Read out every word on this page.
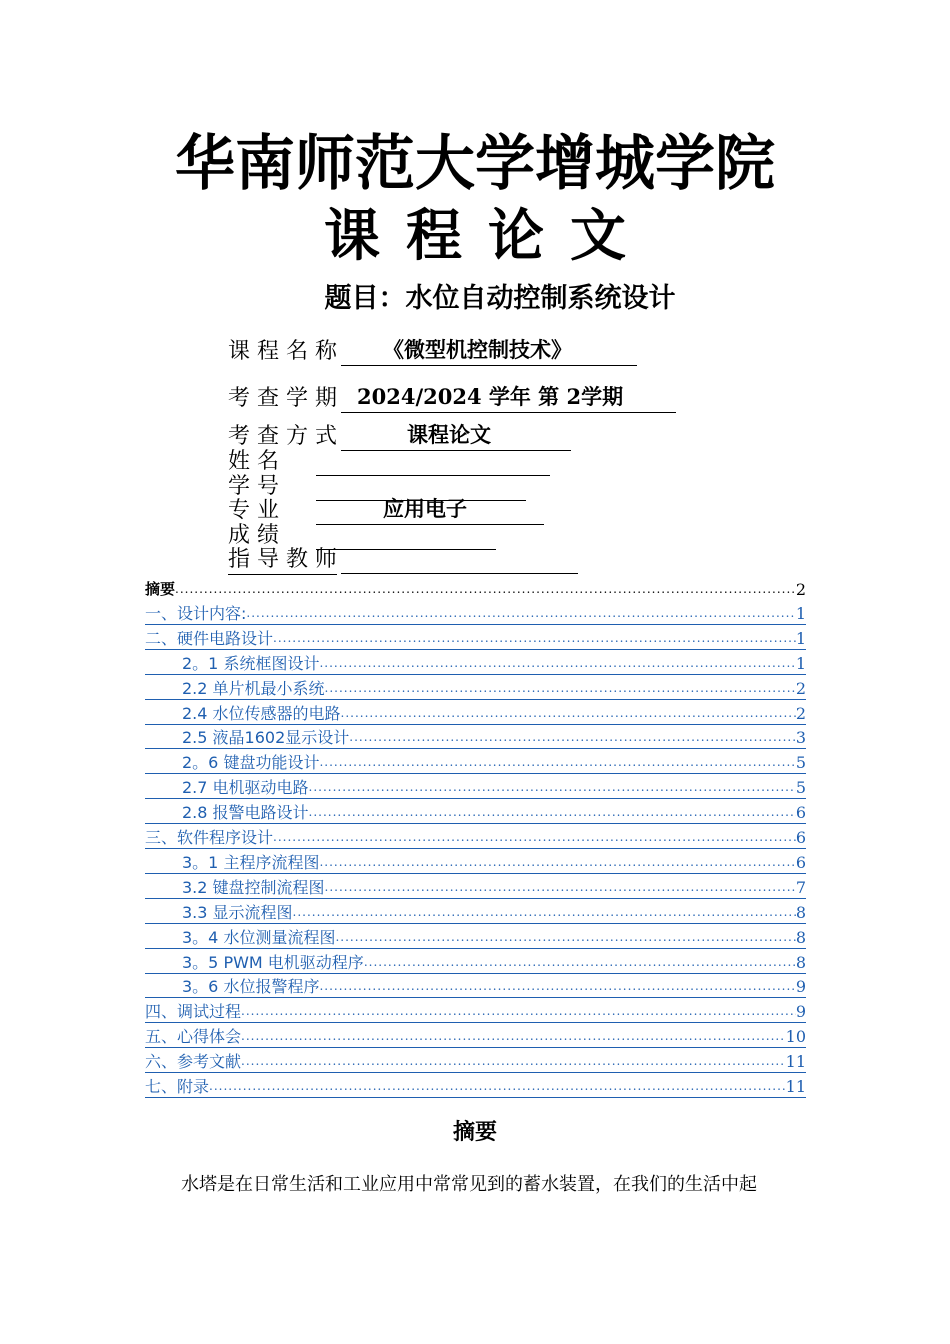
华南师范大学增城学院
课 程 论 文
题目：水位自动控制系统设计
课 程 名 称 《微型机控制技术》
考 查 学 期 2024/2024 学年 第 2学期
考 查 方 式	课程论文
姓 名
学 号
专 业	应用电子
成 绩
指 导 教 师
摘要 .....	2
一、设计内容: .....	1
二、硬件电路设计 .....	1
2。1 系统框图设计 .....	1
2.2 单片机最小系统 .....	2
2.4 水位传感器的电路 .....	2
2.5 液晶1602显示设计 .....	3
2。6 键盘功能设计 .....	5
2.7 电机驱动电路 .....	5
2.8 报警电路设计 .....	6
三、软件程序设计 .....	6
3。1 主程序流程图 .....	6
3.2 键盘控制流程图 .....	7
3.3 显示流程图 .....	8
3。4 水位测量流程图 .....	8
3。5 PWM 电机驱动程序 .....	8
3。6 水位报警程序 .....	9
四、调试过程 .....	9
五、心得体会 .....	10
六、参考文献 .....	11
七、附录 .....	11
摘要
水塔是在日常生活和工业应用中常常见到的蓄水装置，在我们的生活中起
